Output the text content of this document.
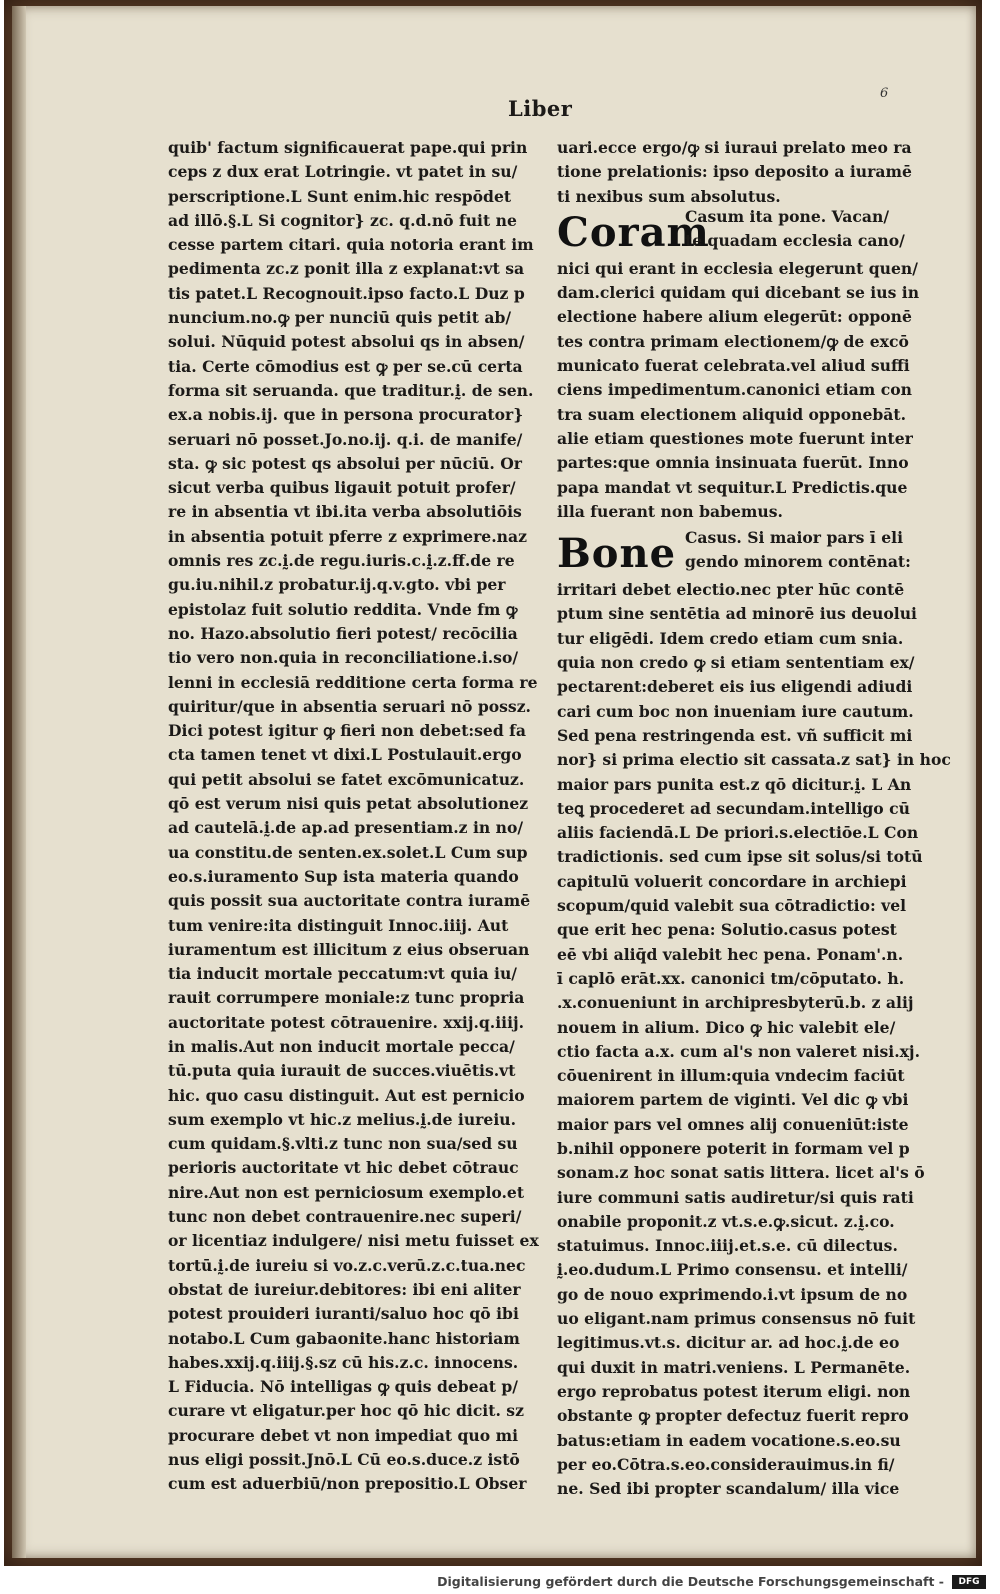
Liber
6
quib' factum significauerat pape.qui prin
ceps z dux erat Lotringie. vt patet in su/
perscriptione.L Sunt enim.hic respōdet
ad illō.§.L Si cognitor} zc. q.d.nō fuit ne
cesse partem citari. quia notoria erant im
pedimenta zc.z ponit illa z explanat:vt sa
tis patet.L Recognouit.ipso facto.L Duz p
nuncium.no.ꝙ per nunciū quis petit ab/
solui. Nūquid potest absolui qs in absen/
tia. Certe cōmodius est ꝙ per se.cū certa
forma sit seruanda. que traditur.ḭ. de sen.
ex.a nobis.ij. que in persona procurator}
seruari nō posset.Jo.no.ij. q.i. de manife/
sta. ꝙ sic potest qs absolui per nūciū. Or
sicut verba quibus ligauit potuit profer/
re in absentia vt ibi.ita verba absolutiōis
in absentia potuit pferre z exprimere.naz
omnis res zc.ḭ.de regu.iuris.c.ḭ.z.ff.de re
gu.iu.nihil.z probatur.ij.q.v.gto. vbi per
epistolaz fuit solutio reddita. Vnde fm ꝙ
no. Hazo.absolutio fieri potest/ recōcilia
tio vero non.quia in reconciliatione.i.so/
lenni in ecclesiā redditione certa forma re
quiritur/que in absentia seruari nō possz.
Dici potest igitur ꝙ fieri non debet:sed fa
cta tamen tenet vt dixi.L Postulauit.ergo
qui petit absolui se fatet excōmunicatuz.
qō est verum nisi quis petat absolutionez
ad cautelā.ḭ.de ap.ad presentiam.z in no/
ua constitu.de senten.ex.solet.L Cum sup
eo.s.iuramento Sup ista materia quando
quis possit sua auctoritate contra iuramē
tum venire:ita distinguit Innoc.iiij. Aut
iuramentum est illicitum z eius obseruan
tia inducit mortale peccatum:vt quia iu/
rauit corrumpere moniale:z tunc propria
auctoritate potest cōtrauenire. xxij.q.iiij.
in malis.Aut non inducit mortale pecca/
tū.puta quia iurauit de succes.viuētis.vt
hic. quo casu distinguit. Aut est pernicio
sum exemplo vt hic.z melius.ḭ.de iureiu.
cum quidam.§.vlti.z tunc non sua/sed su
perioris auctoritate vt hic debet cōtrauc
nire.Aut non est perniciosum exemplo.et
tunc non debet contrauenire.nec superi/
or licentiaz indulgere/ nisi metu fuisset ex
tortū.ḭ.de iureiu si vo.z.c.verū.z.c.tua.nec
obstat de iureiur.debitores: ibi eni aliter
potest prouideri iuranti/saluo hoc qō ibi
notabo.L Cum gabaonite.hanc historiam
habes.xxij.q.iiij.§.sz cū his.z.c. innocens.
L Fiducia. Nō intelligas ꝙ quis debeat p/
curare vt eligatur.per hoc qō hic dicit. sz
procurare debet vt non impediat quo mi
nus eligi possit.Jnō.L Cū eo.s.duce.z istō
cum est aduerbiū/non prepositio.L Obser
uari.ecce ergo/ꝙ si iuraui prelato meo ra
tione prelationis: ipso deposito a iuramē
ti nexibus sum absolutus.
Coram
Casum ita pone. Vacan/
te quadam ecclesia cano/
nici qui erant in ecclesia elegerunt quen/
dam.clerici quidam qui dicebant se ius in
electione habere alium elegerūt: opponē
tes contra primam electionem/ꝙ de excō
municato fuerat celebrata.vel aliud suffi
ciens impedimentum.canonici etiam con
tra suam electionem aliquid opponebāt.
alie etiam questiones mote fuerunt inter
partes:que omnia insinuata fuerūt. Inno
papa mandat vt sequitur.L Predictis.que
illa fuerant non babemus.
Bone Casus. Si maior pars ī eli
gendo minorem contēnat:
irritari debet electio.nec pter hūc contē
ptum sine sentētia ad minorē ius deuolui
tur eligēdi. Idem credo etiam cum snia.
quia non credo ꝙ si etiam sententiam ex/
pectarent:deberet eis ius eligendi adiudi
cari cum boc non inueniam iure cautum.
Sed pena restringenda est. vñ sufficit mi
nor} si prima electio sit cassata.z sat} in hoc
maior pars punita est.z qō dicitur.ḭ. L An
teꝗ procederet ad secundam.intelligo cū
aliis faciendā.L De priori.s.electiōe.L Con
tradictionis. sed cum ipse sit solus/si totū
capitulū voluerit concordare in archiepi
scopum/quid valebit sua cōtradictio: vel
que erit hec pena: Solutio.casus potest
eē vbi aliq̄d valebit hec pena. Ponam'.n.
ī caplō erāt.xx. canonici tm/cōputato. h.
.x.conueniunt in archipresbyterū.b. z alij
nouem in alium. Dico ꝙ hic valebit ele/
ctio facta a.x. cum al's non valeret nisi.xj.
cōuenirent in illum:quia vndecim faciūt
maiorem partem de viginti. Vel dic ꝙ vbi
maior pars vel omnes alij conueniūt:iste
b.nihil opponere poterit in formam vel p
sonam.z hoc sonat satis littera. licet al's ō
iure communi satis audiretur/si quis rati
onabile proponit.z vt.s.e.ꝙ.sicut. z.ḭ.co.
statuimus. Innoc.iiij.et.s.e. cū dilectus.
ḭ.eo.dudum.L Primo consensu. et intelli/
go de nouo exprimendo.i.vt ipsum de no
uo eligant.nam primus consensus nō fuit
legitimus.vt.s. dicitur ar. ad hoc.ḭ.de eo
qui duxit in matri.veniens. L Permanēte.
ergo reprobatus potest iterum eligi. non
obstante ꝙ propter defectuz fuerit repro
batus:etiam in eadem vocatione.s.eo.su
per eo.Cōtra.s.eo.considerauimus.in fi/
ne. Sed ibi propter scandalum/ illa vice
Digitalisierung gefördert durch die Deutsche Forschungsgemeinschaft -	DFG
